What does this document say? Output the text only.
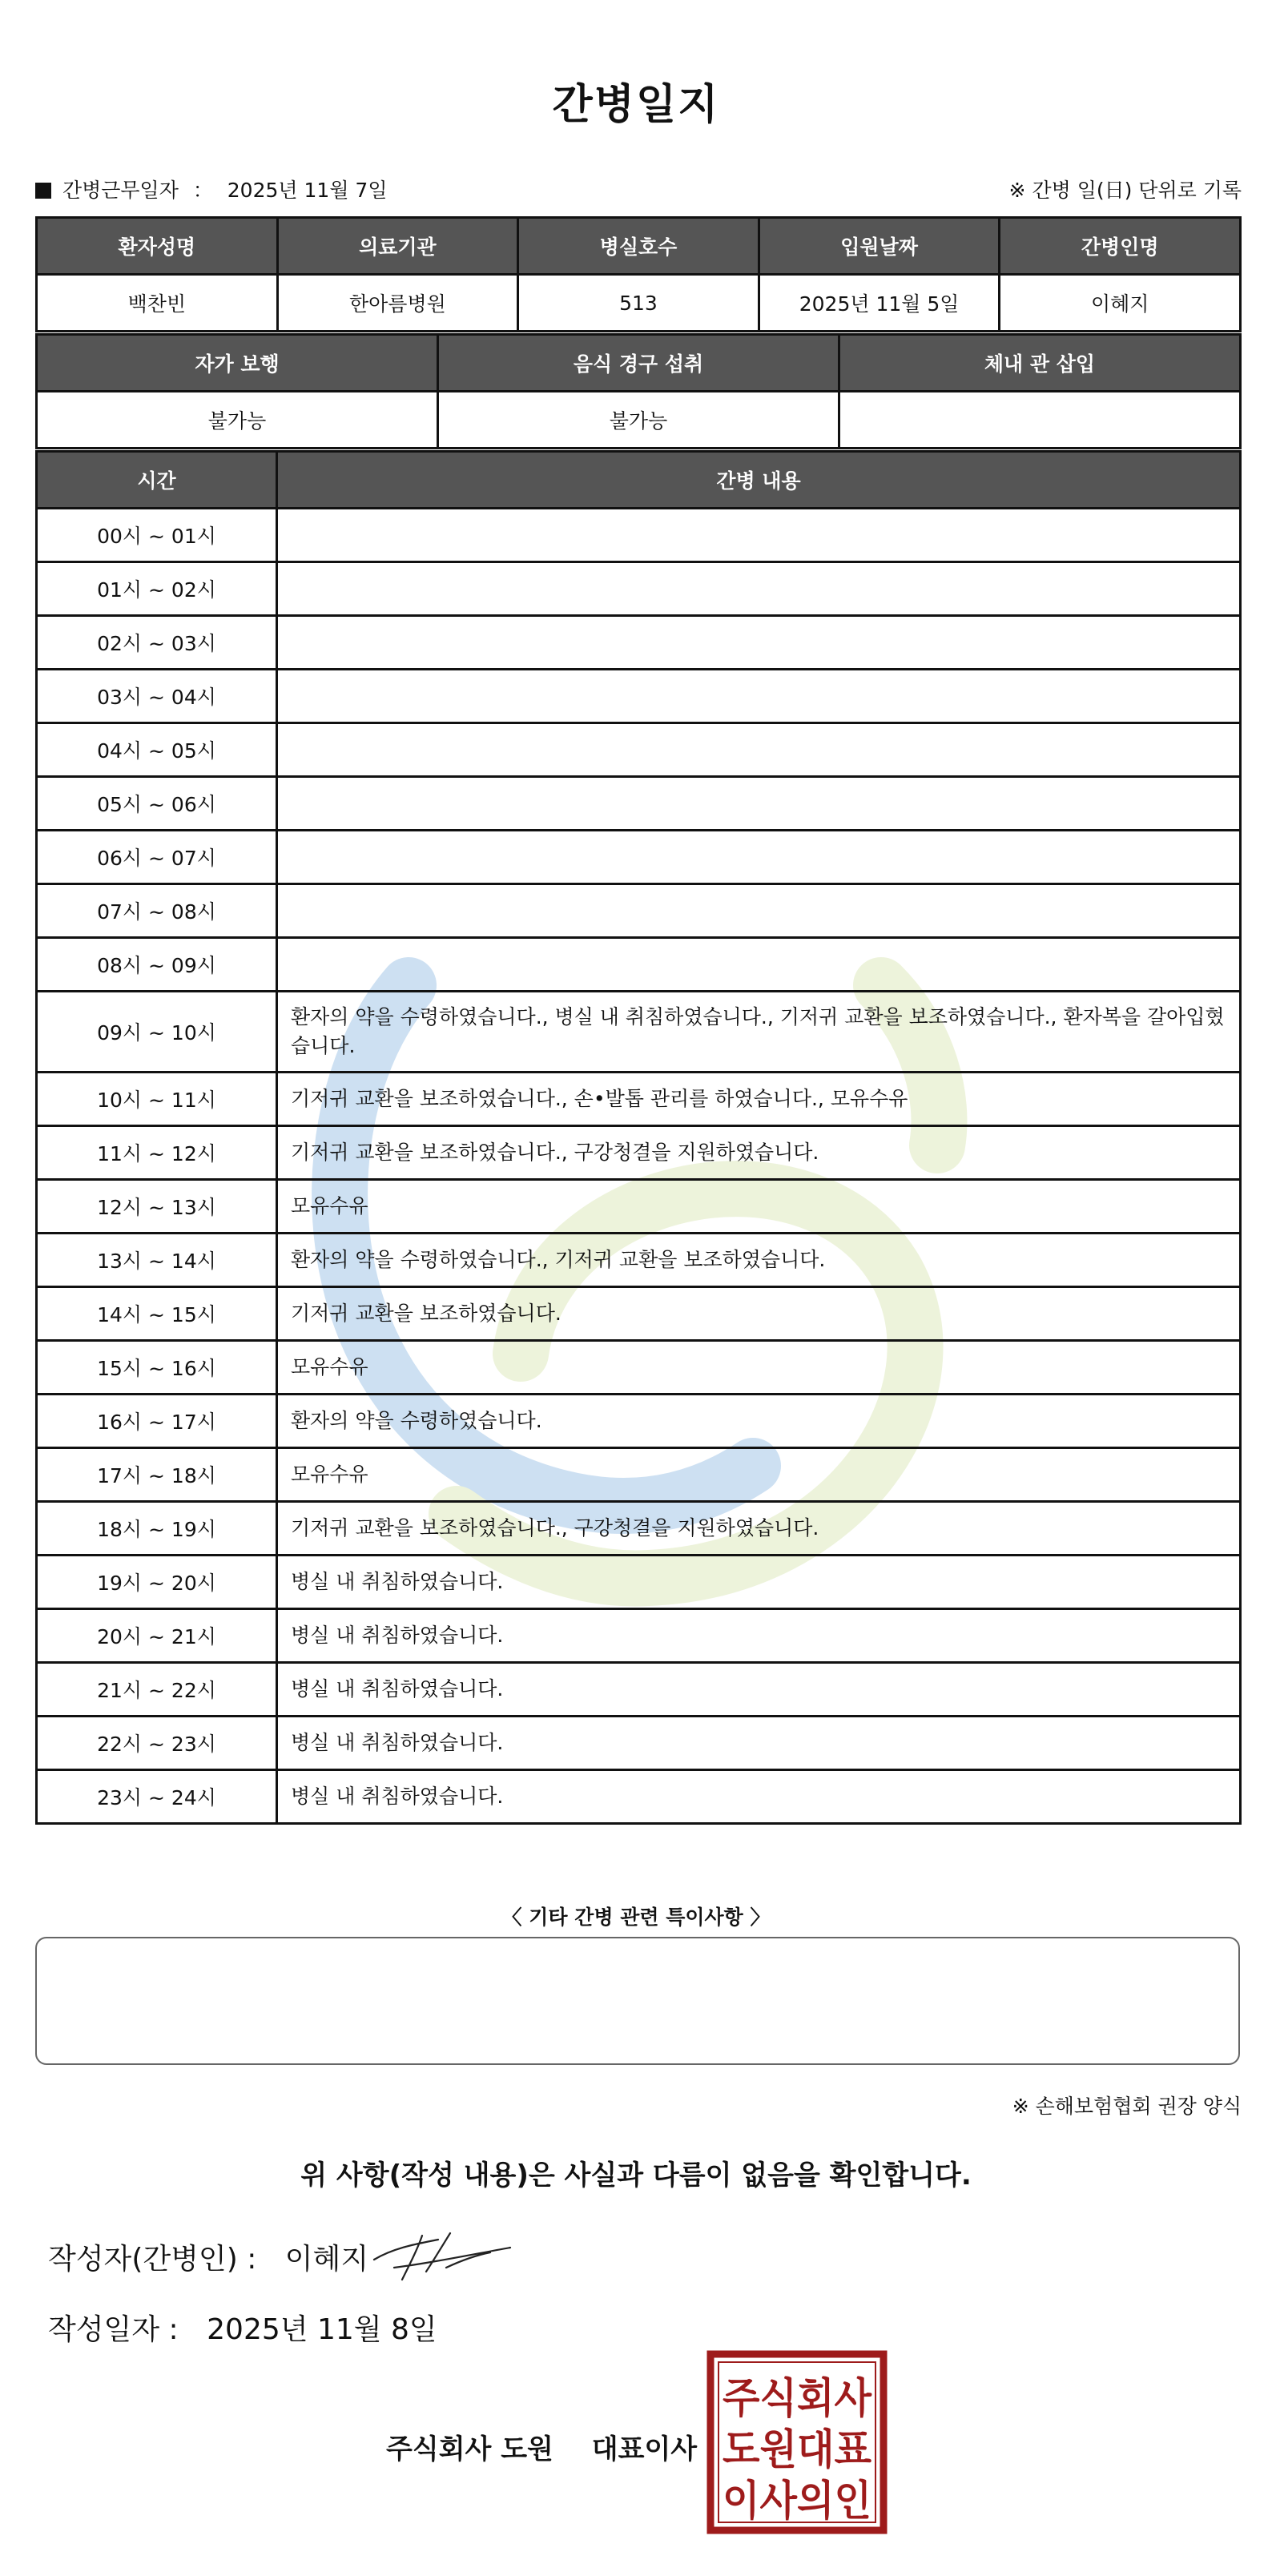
간병일지
간병근무일자 ： 2025년 11월 7일	※ 간병 일(日) 단위로 기록
환자성명	의료기관	병실호수	입원날짜	간병인명
백찬빈	한아름병원	513	2025년 11월 5일	이혜지
자가 보행	음식 경구 섭취	체내 관 삽입
불가능	불가능	
시간	간병 내용
00시 ~ 01시	
01시 ~ 02시	
02시 ~ 03시	
03시 ~ 04시	
04시 ~ 05시	
05시 ~ 06시	
06시 ~ 07시	
07시 ~ 08시	
08시 ~ 09시	
09시 ~ 10시	환자의 약을 수령하였습니다., 병실 내 취침하였습니다., 기저귀 교환을 보조하였습니다., 환자복을 갈아입혔습니다.
10시 ~ 11시	기저귀 교환을 보조하였습니다., 손•발톱 관리를 하였습니다., 모유수유
11시 ~ 12시	기저귀 교환을 보조하였습니다., 구강청결을 지원하였습니다.
12시 ~ 13시	모유수유
13시 ~ 14시	환자의 약을 수령하였습니다., 기저귀 교환을 보조하였습니다.
14시 ~ 15시	기저귀 교환을 보조하였습니다.
15시 ~ 16시	모유수유
16시 ~ 17시	환자의 약을 수령하였습니다.
17시 ~ 18시	모유수유
18시 ~ 19시	기저귀 교환을 보조하였습니다., 구강청결을 지원하였습니다.
19시 ~ 20시	병실 내 취침하였습니다.
20시 ~ 21시	병실 내 취침하였습니다.
21시 ~ 22시	병실 내 취침하였습니다.
22시 ~ 23시	병실 내 취침하였습니다.
23시 ~ 24시	병실 내 취침하였습니다.
〈 기타 간병 관련 특이사항 〉
※ 손해보험협회 권장 양식
위 사항(작성 내용)은 사실과 다름이 없음을 확인합니다.
작성자(간병인) : 이혜지
작성일자 : 2025년 11월 8일
주식회사 도원 대표이사
주식회사
도원대표
이사의인
